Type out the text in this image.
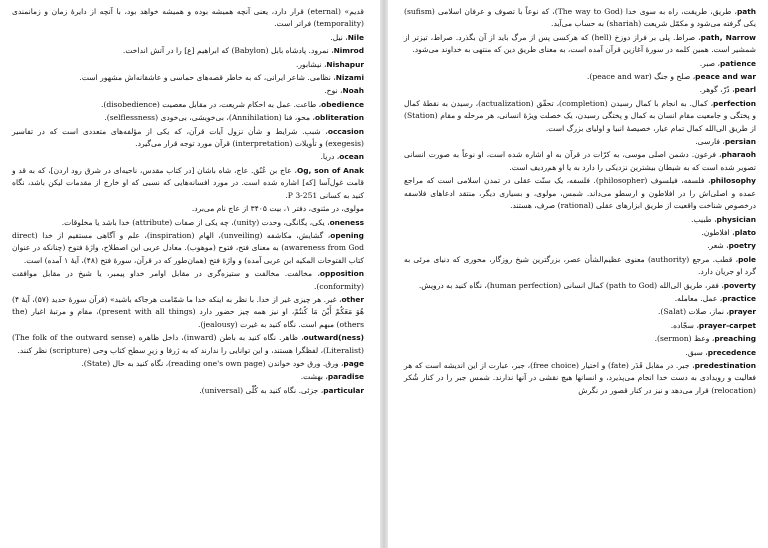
قدیم» (eternal) قرار دارد، یعنی آنچه همیشه بوده و همیشه خواهد بود، با آنچه از دایرهٔ زمان و زمانمندی (temporality) فراتر است.

Nile، نیل.

Nimrod، نمرود. پادشاه بابل (Babylon) که ابراهیم [ع] را در آتش انداخت.

Nishapur، نیشابور.

Nizami، نظامی. شاعر ایرانی، که به خاطر قصه‌های حماسی و عاشقانه‌اش مشهور است.

Noah، نوح.

obedience، طاعت. عمل به احکام شریعت، در مقابل معصیت (disobedience).

obliteration، محو، فنا (Annihilation)، بی‌خویشی، بی‌خودی (selflessness).

occasion، شبب. شرایط و شأن نزول آیات قرآن، که یکی از مؤلفه‌های متعددی است که در تفاسیر (exegesis) و تأویلات (interpretation) قرآن مورد توجه قرار می‌گیرد.

ocean، دریا.

Og, son of Anak، عاج بن عُنُق. عاج، شاه باشان [در کتاب مقدس، ناحیه‌ای در شرق رود اردن]، که به قد و قامت غول‌آسا [که] اشاره شده است. در مورد افسانه‌هایی که نسبی که او خارج از مقدمات لیکن باشد، نگاه کنید به کسانی 251-3 P.

مولوی، در مثنوی، دفتر ۱، بیت ۳۴۰۵ از عاج نام می‌برد.

oneness، یکی، یگانگی، وحدت (unity)، چه یکی از صفات (attribute) خدا باشد یا مخلوقات.

opening، گشایش، مکاشفه (unveiling)، الهام (inspiration)، علم و آگاهی مستقیم از خدا (direct awareness from God) به معنای فتح، فتوح (موهوب). معادل عربی این اصطلاح، واژهٔ فتوح (چنانکه در عنوان کتاب الفتوحات المکیه ابن عربی آمده) و واژهٔ فتح (همان‌طور که در قرآن، سورهٔ فتح (۴۸)، آیهٔ ۱ آمده) است.

opposition، مخالفت. مخالفت و ستیزه‌گری در مقابل اوامر خداو پیمبر، یا شیخ در مقابل موافقت (conformity).

other، غیر. هر چیزی غیر از خدا. با نظر به اینکه خدا ما شمّامت هرجاکه باشید» (قرآن سورهٔ حدید (۵۷)، آیهٔ ۴) هُوَ مَعَکُمْ أَیْنَ مَا کُنتُمْ، او نیز همه چیز حضور دارد (present with all things)، مقام و مرتبهٔ اغیار (the others) مبهم است. نگاه کنید به غیرت (jealousy).

outward(ness)، ظاهر. نگاه کنید به باطن (inward)، داخل ظاهره (The folk of the outward sense) (Literalist)، لفظگرا هستند، و این توانایی را ندارند که به ژرفا و زیرِ سطح کتاب وحی (scripture) نظر کنند.

page، ورق. ورق خود خواندن (reading one's own page)، نگاه کنید به حال (State).

paradise، بهشت.

particular، جزئی. نگاه کنید به کُلّی (universal).

path، طریق، طریقت، راه به سوی خدا (The way to God)، که نوعاً با تصوف و عرفان اسلامی (sufism) یکی گرفته می‌شود و مکمّل شریعت (shariah) به حساب می‌آید.

path, Narrow، صراط. پلی بر فراز دوزخ (hell) که هرکسی پس از مرگ باید از آن بگذرد. صراط، تیزتر از شمشیر است. همین کلمه در سورهٔ آغازین قرآن آمده است، به معنای طریق دین که منتهی به خداوند می‌شود.

patience، صبر.

peace and war، صلح و جنگ (peace and war).

pearl، دُرّ، گوهر.

perfection، کمال. به انجام با کمال رسیدن (completion)، تحقّق (actualization)، رسیدن به نقطهٔ کمال و پختگی و جامعیت مقام انسان به کمال و پختگی رسیدن، یک خصلت ویژهٔ انسانی، هر مرحله و مقام (Station) از طریق الی‌الله کمال تمام عیار، خصیصهٔ انبیا و اولیای بزرگ است.

persian، فارسی.

pharaoh، فرعون. دشمن اصلی موسی، به کرّات در قرآن به او اشاره شده است، او نوعاً به صورت انسانی تصویر شده است که به شیطان بیشترین نزدیکی را دارد به یا او هم‌ردیف است.

philosophy، فلسفه، فیلسوف (philosopher). فلسفه، یک سنّت عقلی در تمدن اسلامی است که مراجع عمده و اصلی‌اش را در افلاطون و ارسطو می‌داند. شمس، مولوی، و بسیاری دیگر، منتقد ادعاهای فلاسفه درخصوص شناخت واقعیت از طریق ابزارهای عقلی (rational) صرف، هستند.

physician، طبیب.

plato، افلاطون.

poetry، شعر.

pole، قطب. مرجع (authority) معنوی عظیم‌الشأن عصر، بزرگترین شیخ روزگار، محوری که دنیای مرئی به گرد او جریان دارد.

poverty، فقر، طریق الی‌الله (path to God) کمال انسانی (human perfection)، نگاه کنید به درویش.

practice، عمل. معامله.

prayer، نماز، صلات (Salat).

prayer-carpet، سجّاده.

preaching، وعظ (sermon).

precedence، سبق.

predestination، جبر. در مقابل قَدَر (fate) و اختیار (free choice)، جبر، عبارت از این اندیشه است که هر فعالیت و رویدادی به دست خدا انجام می‌پذیرد، و انسانها هیچ نقشی در آنها ندارند. شمس جبر را در کنار شُکر (relocation) قرار می‌دهد و نیز در کنار قصور در نگرش
